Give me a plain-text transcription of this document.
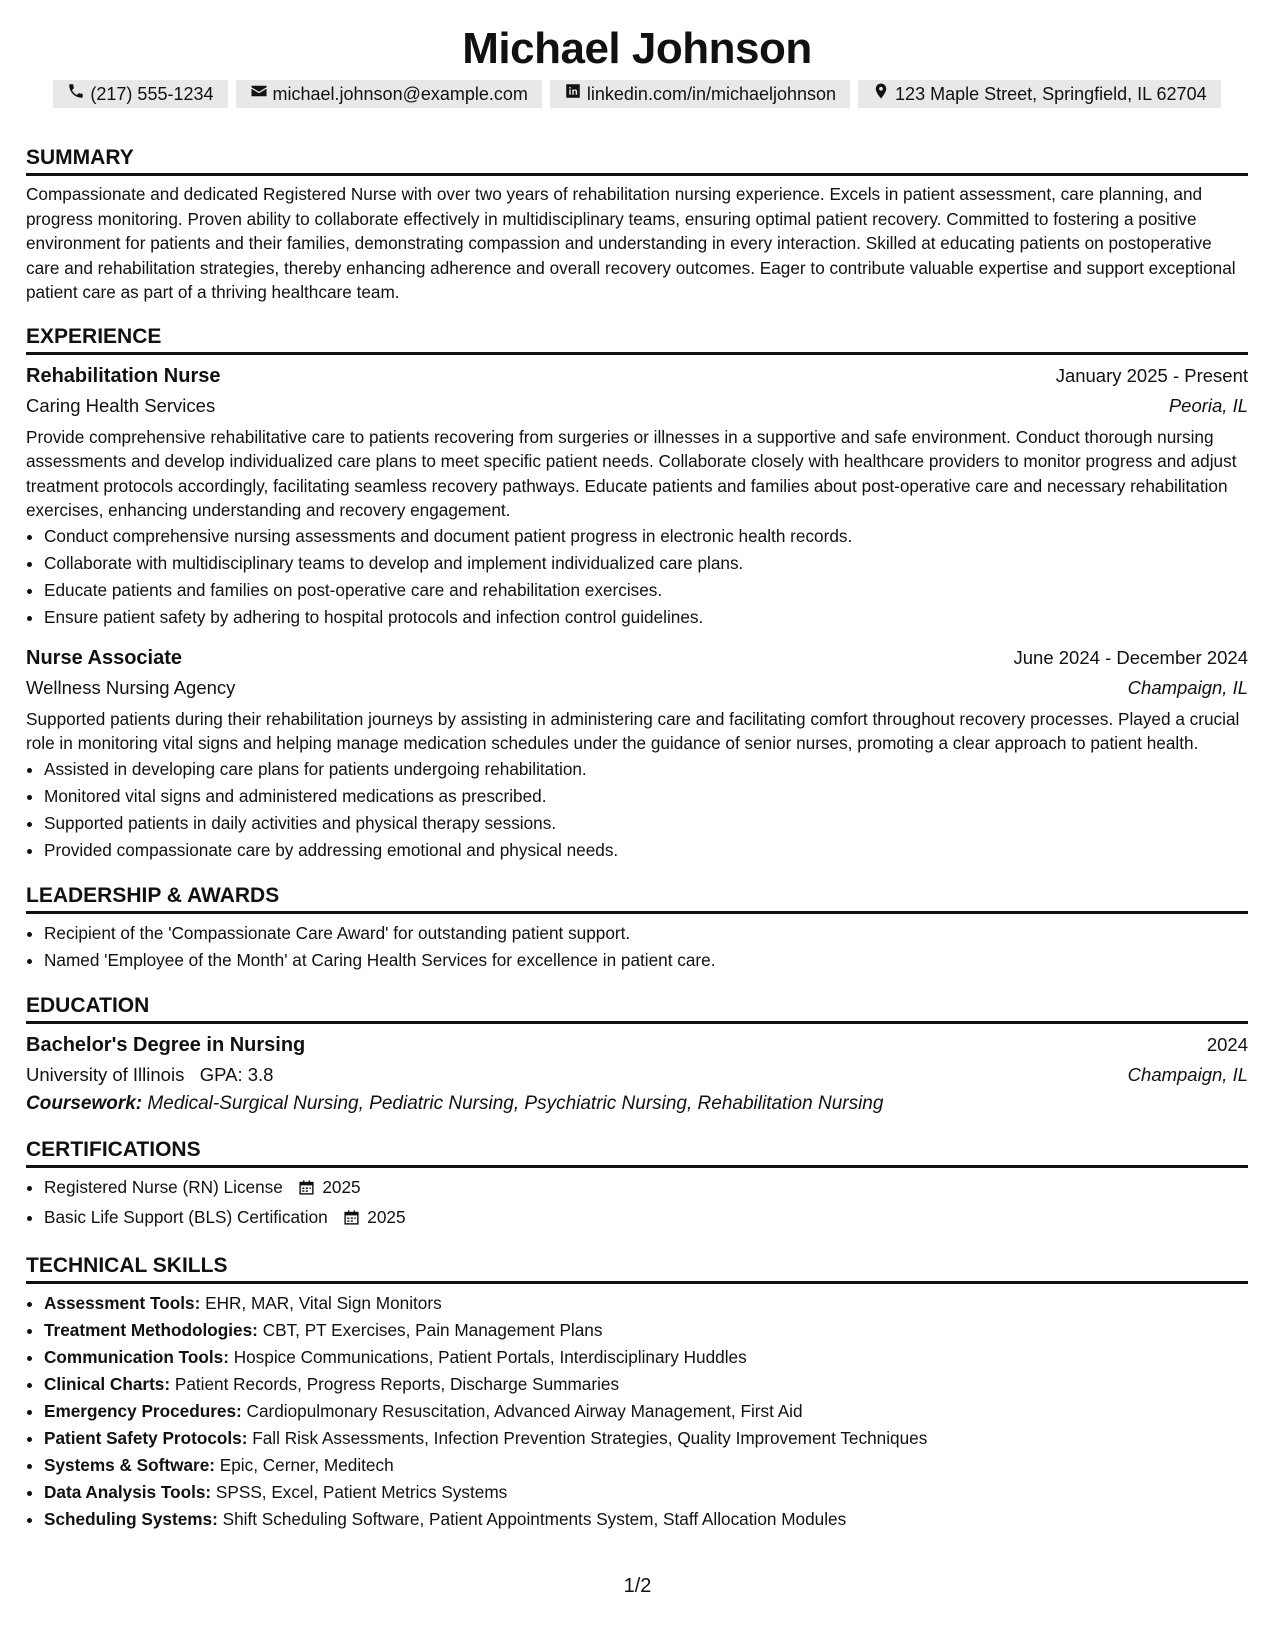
Michael Johnson
(217) 555-1234	michael.johnson@example.com	linkedin.com/in/michaeljohnson	123 Maple Street, Springfield, IL 62704
SUMMARY

Compassionate and dedicated Registered Nurse with over two years of rehabilitation nursing experience. Excels in patient assessment, care planning, and progress monitoring. Proven ability to collaborate effectively in multidisciplinary teams, ensuring optimal patient recovery. Committed to fostering a positive environment for patients and their families, demonstrating compassion and understanding in every interaction. Skilled at educating patients on postoperative care and rehabilitation strategies, thereby enhancing adherence and overall recovery outcomes. Eager to contribute valuable expertise and support exceptional patient care as part of a thriving healthcare team.

EXPERIENCE
Rehabilitation Nurse	January 2025 - Present
Caring Health Services	Peoria, IL

Provide comprehensive rehabilitative care to patients recovering from surgeries or illnesses in a supportive and safe environment. Conduct thorough nursing assessments and develop individualized care plans to meet specific patient needs. Collaborate closely with healthcare providers to monitor progress and adjust treatment protocols accordingly, facilitating seamless recovery pathways. Educate patients and families about post-operative care and necessary rehabilitation exercises, enhancing understanding and recovery engagement.

• Conduct comprehensive nursing assessments and document patient progress in electronic health records.
• Collaborate with multidisciplinary teams to develop and implement individualized care plans.
• Educate patients and families on post-operative care and rehabilitation exercises.
• Ensure patient safety by adhering to hospital protocols and infection control guidelines.
Nurse Associate	June 2024 - December 2024
Wellness Nursing Agency	Champaign, IL

Supported patients during their rehabilitation journeys by assisting in administering care and facilitating comfort throughout recovery processes. Played a crucial role in monitoring vital signs and helping manage medication schedules under the guidance of senior nurses, promoting a clear approach to patient health.

• Assisted in developing care plans for patients undergoing rehabilitation.
• Monitored vital signs and administered medications as prescribed.
• Supported patients in daily activities and physical therapy sessions.
• Provided compassionate care by addressing emotional and physical needs.
LEADERSHIP & AWARDS
• Recipient of the 'Compassionate Care Award' for outstanding patient support.
• Named 'Employee of the Month' at Caring Health Services for excellence in patient care.
EDUCATION
Bachelor's Degree in Nursing	2024
University of Illinois GPA: 3.8	Champaign, IL
Coursework: Medical-Surgical Nursing, Pediatric Nursing, Psychiatric Nursing, Rehabilitation Nursing
CERTIFICATIONS
• Registered Nurse (RN) License 2025
• Basic Life Support (BLS) Certification 2025
TECHNICAL SKILLS
• Assessment Tools: EHR, MAR, Vital Sign Monitors
• Treatment Methodologies: CBT, PT Exercises, Pain Management Plans
• Communication Tools: Hospice Communications, Patient Portals, Interdisciplinary Huddles
• Clinical Charts: Patient Records, Progress Reports, Discharge Summaries
• Emergency Procedures: Cardiopulmonary Resuscitation, Advanced Airway Management, First Aid
• Patient Safety Protocols: Fall Risk Assessments, Infection Prevention Strategies, Quality Improvement Techniques
• Systems & Software: Epic, Cerner, Meditech
• Data Analysis Tools: SPSS, Excel, Patient Metrics Systems
• Scheduling Systems: Shift Scheduling Software, Patient Appointments System, Staff Allocation Modules
1/2
